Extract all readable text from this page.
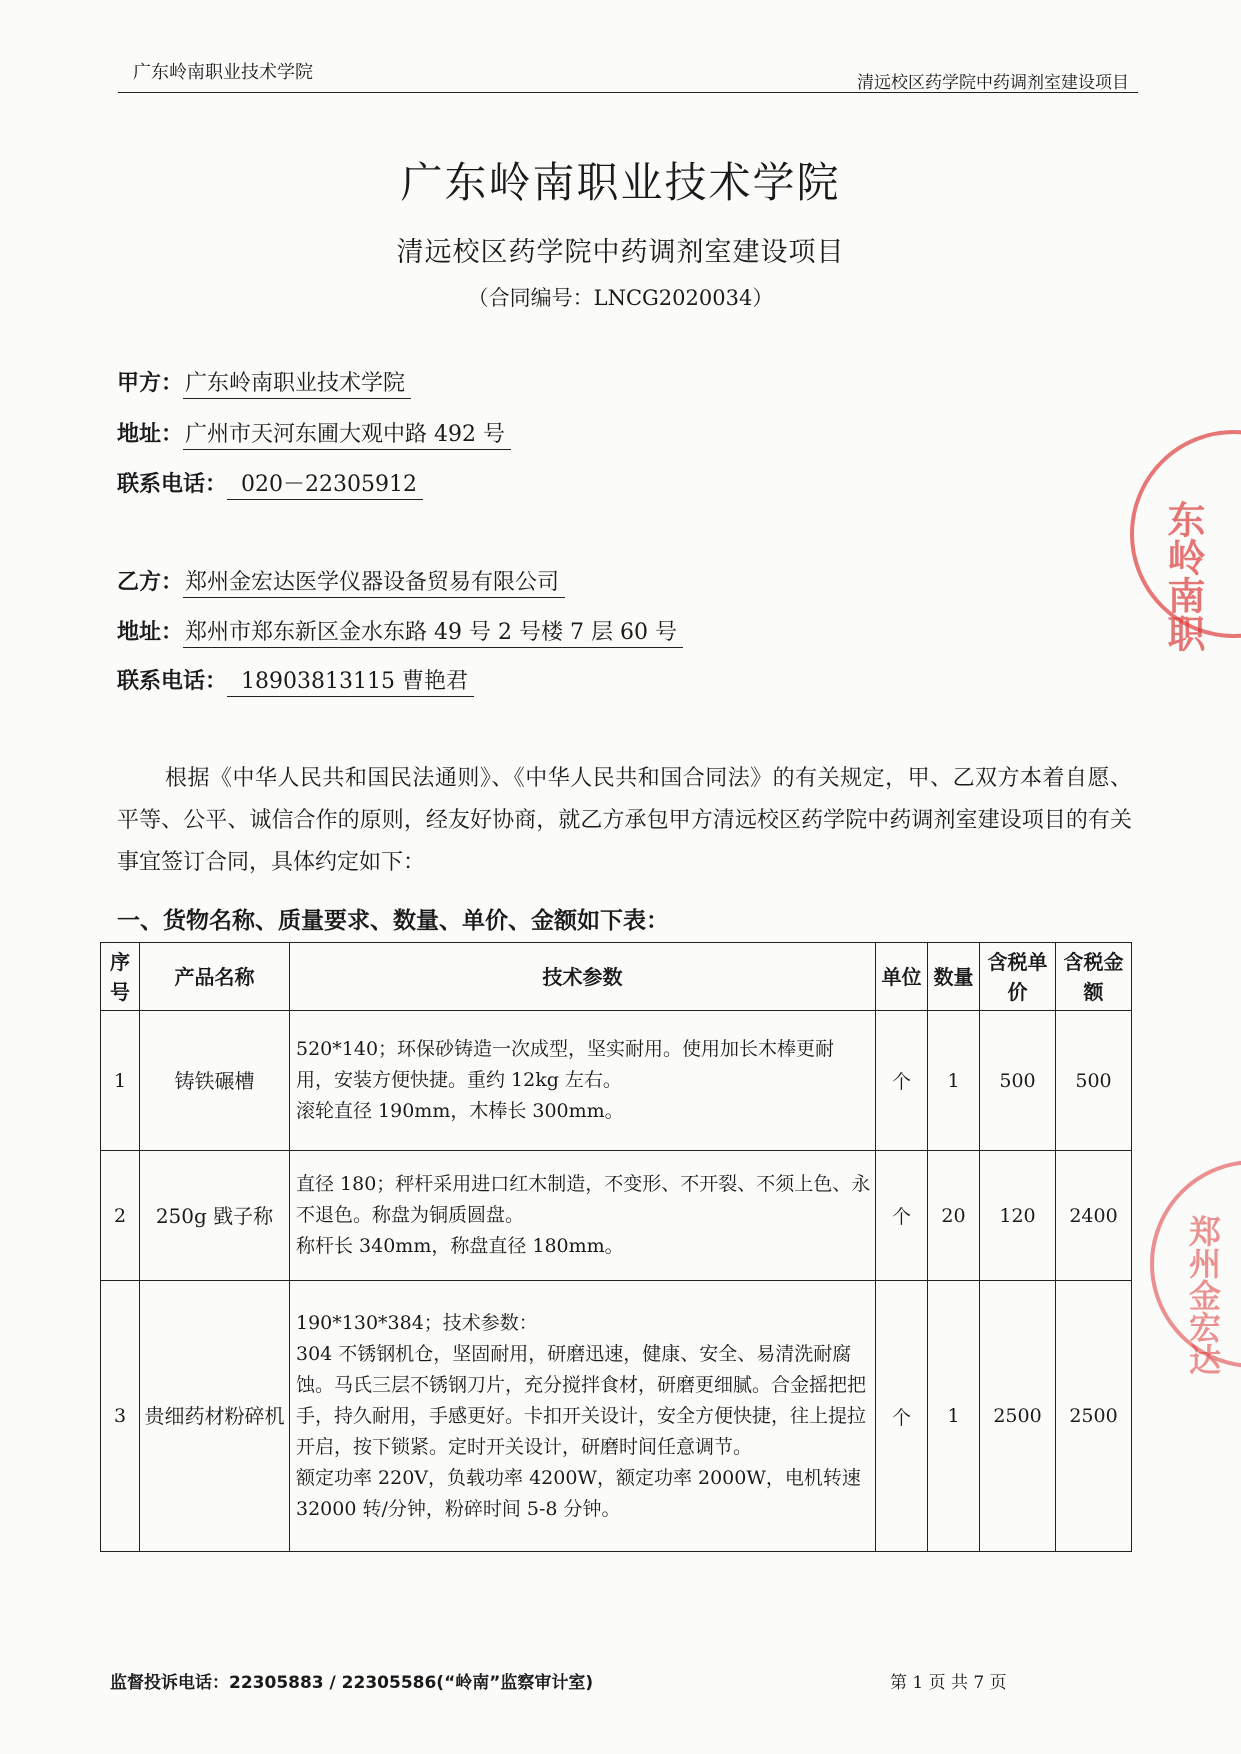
广东岭南职业技术学院	清远校区药学院中药调剂室建设项目
广东岭南职业技术学院
清远校区药学院中药调剂室建设项目
（合同编号：LNCG2020034）
甲方：广东岭南职业技术学院
地址：广州市天河东圃大观中路 492 号
联系电话： 020－22305912
乙方：郑州金宏达医学仪器设备贸易有限公司
地址：郑州市郑东新区金水东路 49 号 2 号楼 7 层 60 号
联系电话： 18903813115 曹艳君
根据《中华人民共和国民法通则》、《中华人民共和国合同法》的有关规定，甲、乙双方本着自愿、平等、公平、诚信合作的原则，经友好协商，就乙方承包甲方清远校区药学院中药调剂室建设项目的有关事宜签订合同，具体约定如下：
一、货物名称、质量要求、数量、单价、金额如下表：
序号	产品名称	技术参数	单位	数量	含税单价	含税金额
1	铸铁碾槽	520*140；环保砂铸造一次成型，坚实耐用。使用加长木棒更耐用，安装方便快捷。重约 12kg 左右。
滚轮直径 190mm，木棒长 300mm。	个	1	500	500
2	250g 戥子称	直径 180；秤杆采用进口红木制造，不变形、不开裂、不须上色、永不退色。称盘为铜质圆盘。
称杆长 340mm，称盘直径 180mm。	个	20	120	2400
3	贵细药材粉碎机	190*130*384；技术参数：
304 不锈钢机仓，坚固耐用，研磨迅速，健康、安全、易清洗耐腐蚀。马氏三层不锈钢刀片，充分搅拌食材，研磨更细腻。合金摇把把手，持久耐用，手感更好。卡扣开关设计，安全方便快捷，往上提拉开启，按下锁紧。定时开关设计，研磨时间任意调节。
额定功率 220V，负载功率 4200W，额定功率 2000W，电机转速 32000 转/分钟，粉碎时间 5-8 分钟。	个	1	2500	2500
监督投诉电话：22305883 / 22305586(“岭南”监察审计室)	第 1 页 共 7 页
东岭南职
郑州金宏达
